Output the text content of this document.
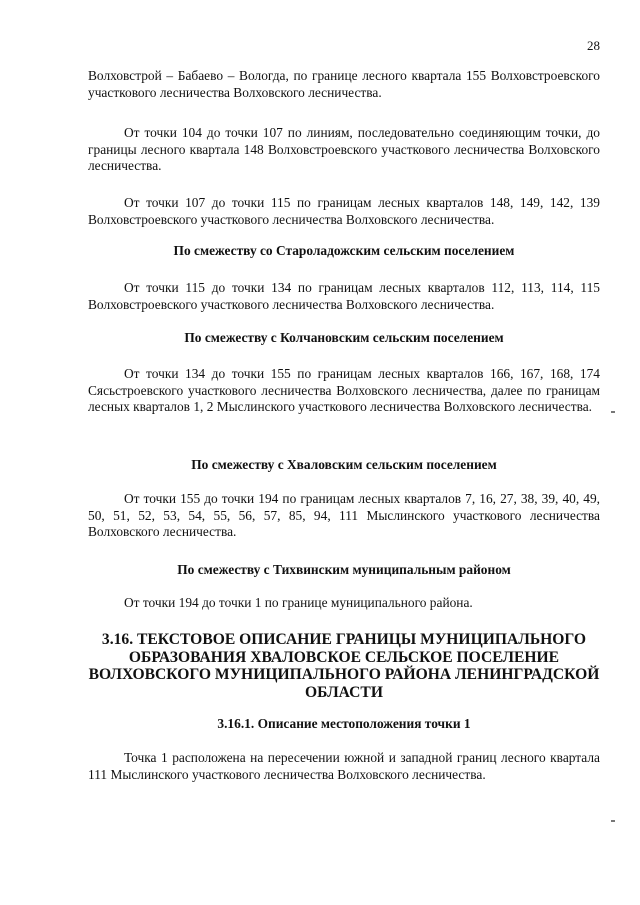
28
Волховстрой – Бабаево – Вологда, по границе лесного квартала 155 Волховстроевского участкового лесничества Волховского лесничества.
От точки 104 до точки 107 по линиям, последовательно соединяющим точки, до границы лесного квартала 148 Волховстроевского участкового лесничества Волховского лесничества.
От точки 107 до точки 115 по границам лесных кварталов 148, 149, 142, 139 Волховстроевского участкового лесничества Волховского лесничества.
По смежеству со Староладожским сельским поселением
От точки 115 до точки 134 по границам лесных кварталов 112, 113, 114, 115 Волховстроевского участкового лесничества Волховского лесничества.
По смежеству с Колчановским сельским поселением
От точки 134 до точки 155 по границам лесных кварталов 166, 167, 168, 174 Сясьстроевского участкового лесничества Волховского лесничества, далее по границам лесных кварталов 1, 2 Мыслинского участкового лесничества Волховского лесничества.
По смежеству с Хваловским сельским поселением
От точки 155 до точки 194 по границам лесных кварталов 7, 16, 27, 38, 39, 40, 49, 50, 51, 52, 53, 54, 55, 56, 57, 85, 94, 111 Мыслинского участкового лесничества Волховского лесничества.
По смежеству с Тихвинским муниципальным районом
От точки 194 до точки 1 по границе муниципального района.
3.16. ТЕКСТОВОЕ ОПИСАНИЕ ГРАНИЦЫ МУНИЦИПАЛЬНОГО ОБРАЗОВАНИЯ ХВАЛОВСКОЕ СЕЛЬСКОЕ ПОСЕЛЕНИЕ ВОЛХОВСКОГО МУНИЦИПАЛЬНОГО РАЙОНА ЛЕНИНГРАДСКОЙ ОБЛАСТИ
3.16.1. Описание местоположения точки 1
Точка 1 расположена на пересечении южной и западной границ лесного квартала 111 Мыслинского участкового лесничества Волховского лесничества.
